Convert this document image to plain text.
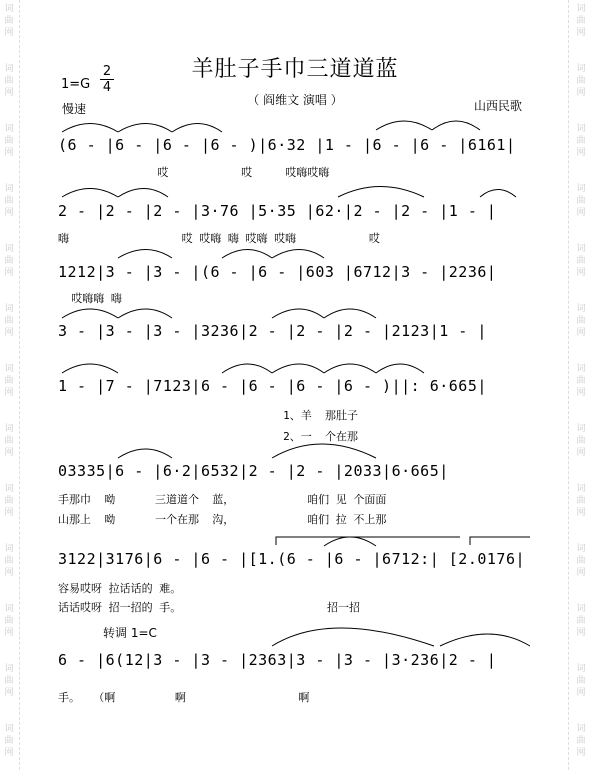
词
曲
网
词
曲
网
词
曲
网
词
曲
网
词
曲
网
词
曲
网
词
曲
网
词
曲
网
词
曲
网
词
曲
网
词
曲
网
词
曲
网
词
曲
网
词
曲
网
词
曲
网
词
曲
网
词
曲
网
词
曲
网
词
曲
网
词
曲
网
词
曲
网
词
曲
网
词
曲
网
词
曲
网
词
曲
网
词
曲
网
羊肚子手巾三道道蓝
（ 阎维文 演唱 ）
1=G
2
4
慢速	山西民歌
(6 - |6 - |6 - |6 - )|6·32 |1 - |6 - |6 - |6161|
哎           哎     哎嗨哎嗨
2 - |2 - |2 - |3·76 |5·35 |62·|2 - |2 - |1 - |
嗨                 哎 哎嗨 嗨 哎嗨 哎嗨           哎
1212|3 - |3 - |(6 - |6 - |603 |6712|3 - |2236|
哎嗨嗨 嗨
3 - |3 - |3 - |3236|2 - |2 - |2 - |2123|1 - |
1 - |7 - |7123|6 - |6 - |6 - |6 - )||: 6·665|
1、羊  那肚子
2、一  个在那
03335|6 - |6·2|6532|2 - |2 - |2033|6·665|
手那巾  呦      三道道个  蓝，           咱们 见 个面面
山那上  呦      一个在那  沟，           咱们 拉 不上那
3122|3176|6 - |6 - |[1.(6 - |6 - |6712:| [2.0176|
容易哎呀 拉话话的 难。
话话哎呀 招一招的 手。                      招一招
转调 1=C
6 - |6(12|3 - |3 - |2363|3 - |3 - |3·236|2 - |
手。  （啊         啊                 啊
